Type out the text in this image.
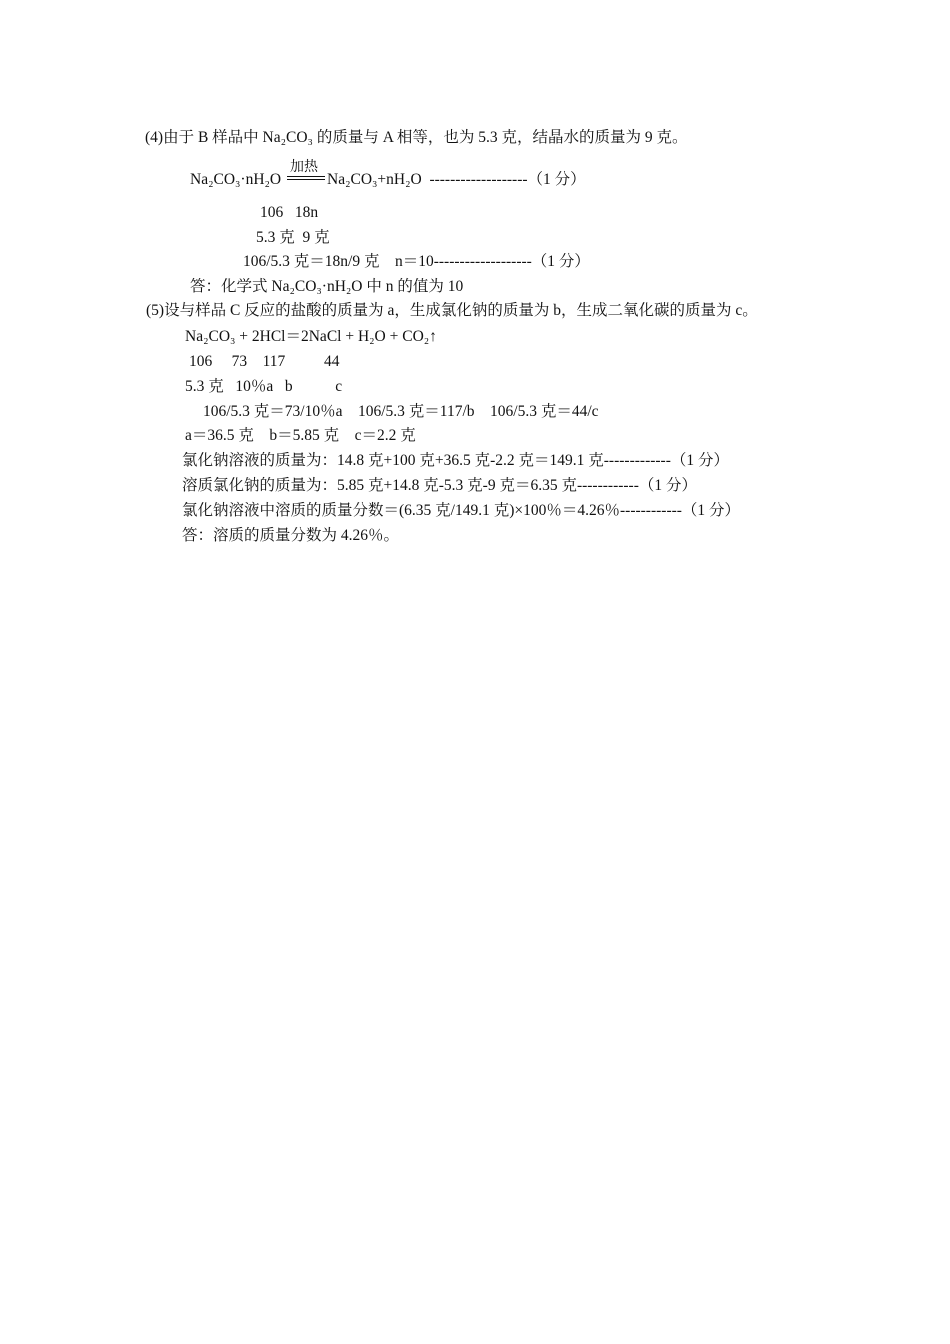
(4)由于 B 样品中 Na₂CO₃ 的质量与 A 相等，也为 5.3 克，结晶水的质量为 9 克。
Na₂CO₃·nH₂O
加热
Na₂CO₃+nH₂O  -------------------（1 分）
106   18n
5.3 克  9 克
106/5.3 克＝18n/9 克    n＝10-------------------（1 分）
答：化学式 Na₂CO₃·nH₂O 中 n 的值为 10
(5)设与样品 C 反应的盐酸的质量为 a，生成氯化钠的质量为 b，生成二氧化碳的质量为 c。
Na₂CO₃ + 2HCl＝2NaCl + H₂O + CO₂↑
106     73    117          44
5.3 克   10％a   b           c
106/5.3 克＝73/10％a    106/5.3 克＝117/b    106/5.3 克＝44/c
a＝36.5 克    b＝5.85 克    c＝2.2 克
氯化钠溶液的质量为：14.8 克+100 克+36.5 克-2.2 克＝149.1 克-------------（1 分）
溶质氯化钠的质量为：5.85 克+14.8 克-5.3 克-9 克＝6.35 克------------（1 分）
氯化钠溶液中溶质的质量分数＝(6.35 克/149.1 克)×100％＝4.26％------------（1 分）
答：溶质的质量分数为 4.26％。
